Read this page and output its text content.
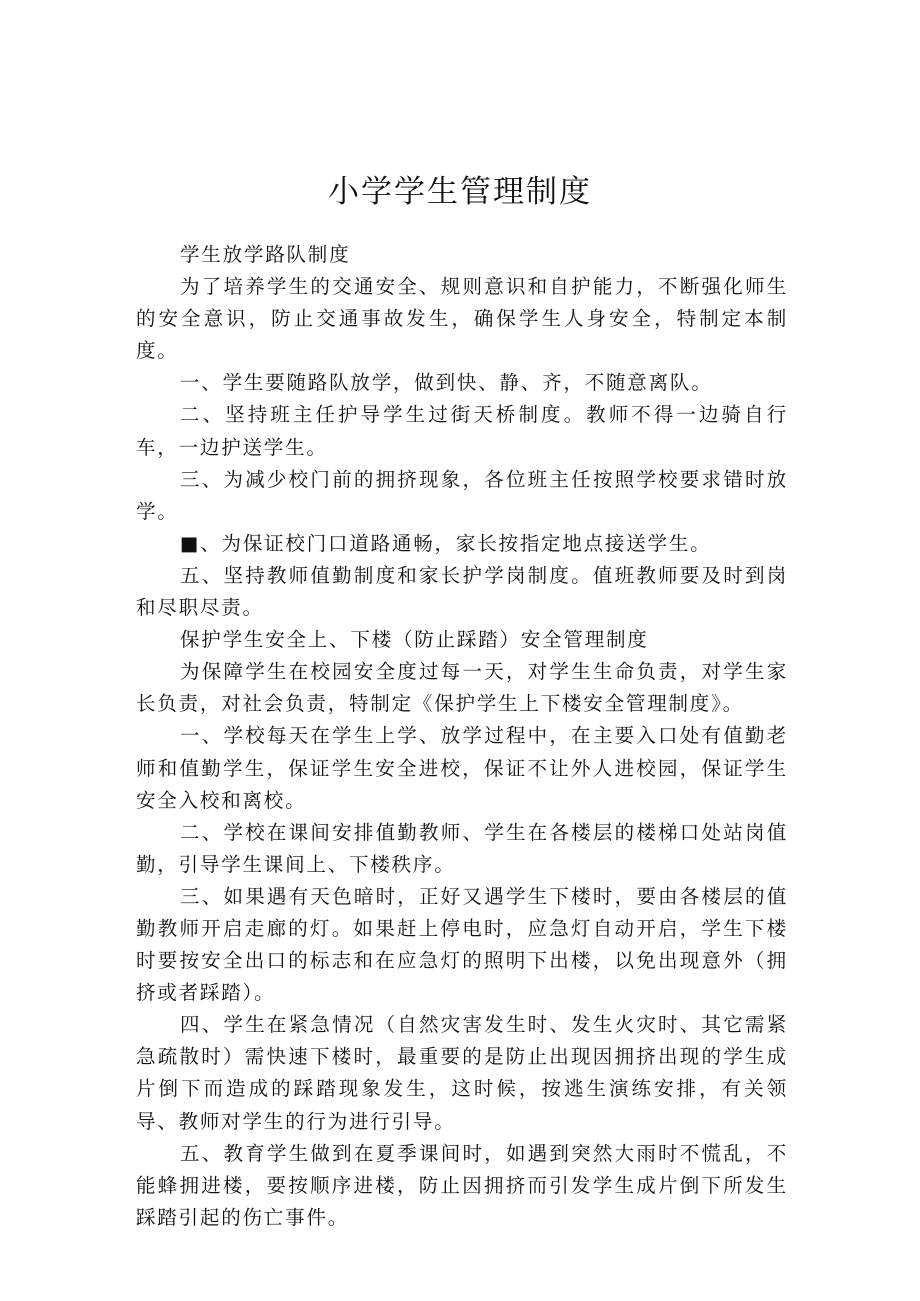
小学学生管理制度

学生放学路队制度

为了培养学生的交通安全、规则意识和自护能力，不断强化师生的安全意识，防止交通事故发生，确保学生人身安全，特制定本制度。

一、学生要随路队放学，做到快、静、齐，不随意离队。

二、坚持班主任护导学生过街天桥制度。教师不得一边骑自行车，一边护送学生。

三、为减少校门前的拥挤现象，各位班主任按照学校要求错时放学。

■、为保证校门口道路通畅，家长按指定地点接送学生。

五、坚持教师值勤制度和家长护学岗制度。值班教师要及时到岗和尽职尽责。

保护学生安全上、下楼（防止踩踏）安全管理制度

为保障学生在校园安全度过每一天，对学生生命负责，对学生家长负责，对社会负责，特制定《保护学生上下楼安全管理制度》。

一、学校每天在学生上学、放学过程中，在主要入口处有值勤老师和值勤学生，保证学生安全进校，保证不让外人进校园，保证学生安全入校和离校。

二、学校在课间安排值勤教师、学生在各楼层的楼梯口处站岗值勤，引导学生课间上、下楼秩序。

三、如果遇有天色暗时，正好又遇学生下楼时，要由各楼层的值勤教师开启走廊的灯。如果赶上停电时，应急灯自动开启，学生下楼时要按安全出口的标志和在应急灯的照明下出楼，以免出现意外（拥挤或者踩踏）。

四、学生在紧急情况（自然灾害发生时、发生火灾时、其它需紧急疏散时）需快速下楼时，最重要的是防止出现因拥挤出现的学生成片倒下而造成的踩踏现象发生，这时候，按逃生演练安排，有关领导、教师对学生的行为进行引导。

五、教育学生做到在夏季课间时，如遇到突然大雨时不慌乱，不能蜂拥进楼，要按顺序进楼，防止因拥挤而引发学生成片倒下所发生踩踏引起的伤亡事件。
